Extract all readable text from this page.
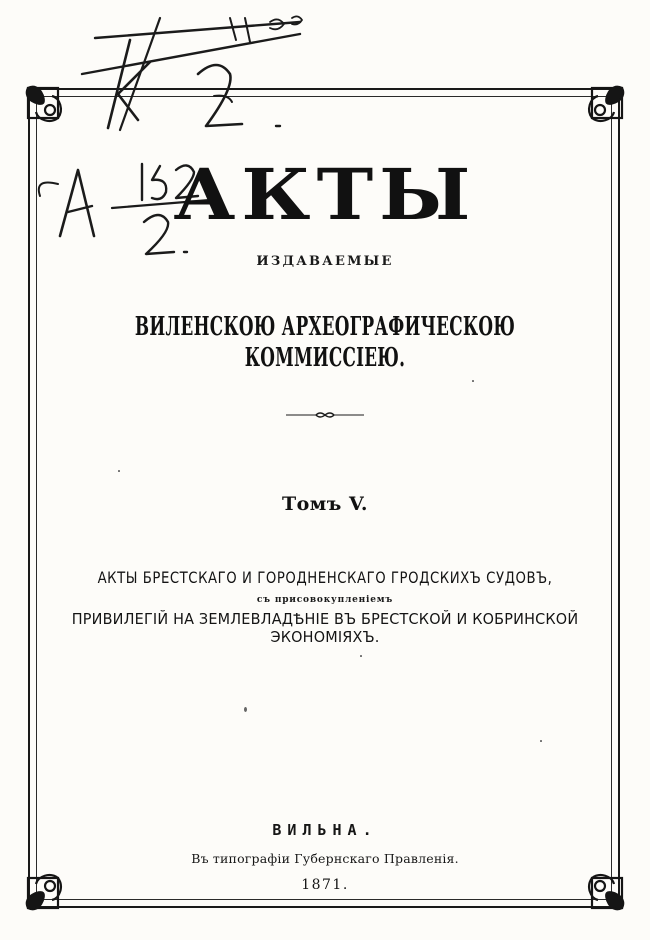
АКТЫ
ИЗДАВАЕМЫЕ
ВИЛЕНСКОЮ АРХЕОГРАФИЧЕСКОЮ КОММИССІЕЮ.
Томъ V.
АКТЫ БРЕСТСКАГО И ГОРОДНЕНСКАГО ГРОДСКИХЪ СУДОВЪ,
съ присовокупленіемъ
ПРИВИЛЕГІЙ НА ЗЕМЛЕВЛАДѢНІЕ ВЪ БРЕСТСКОЙ И КОБРИНСКОЙ ЭКОНОМІЯХЪ.
ВИЛЬНА.
Въ типографіи Губернскаго Правленія.
1871.
